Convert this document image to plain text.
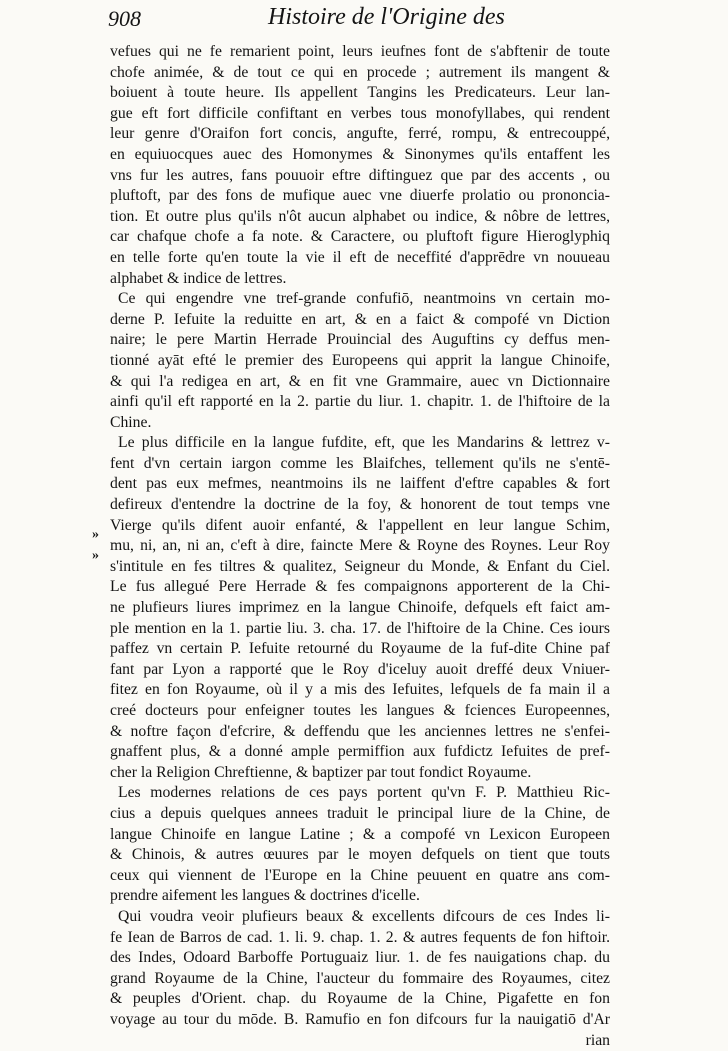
908	Histoire de l'Origine des
»
»
vefues qui ne fe remarient point, leurs ieufnes font de s'abftenir de toute
chofe animée, & de tout ce qui en procede ; autrement ils mangent &
boiuent à toute heure. Ils appellent Tangins les Predicateurs. Leur lan-
gue eft fort difficile confiftant en verbes tous monofyllabes, qui rendent
leur genre d'Oraifon fort concis, angufte, ferré, rompu, & entrecouppé,
en equiuocques auec des Homonymes & Sinonymes qu'ils entaffent les
vns fur les autres, fans pouuoir eftre diftinguez que par des accents , ou
pluftoft, par des fons de mufique auec vne diuerfe prolatio ou prononcia-
tion. Et outre plus qu'ils n'ôt aucun alphabet ou indice, & nôbre de lettres,
car chafque chofe a fa note. & Caractere, ou pluftoft figure Hieroglyphiq
en telle forte qu'en toute la vie il eft de neceffité d'apprēdre vn nouueau
alphabet & indice de lettres.
Ce qui engendre vne tref-grande confufiō, neantmoins vn certain mo-
derne P. Iefuite la reduitte en art, & en a faict & compofé vn Diction
naire; le pere Martin Herrade Prouincial des Auguftins cy deffus men-
tionné ayāt efté le premier des Europeens qui apprit la langue Chinoife,
& qui l'a redigea en art, & en fit vne Grammaire, auec vn Dictionnaire
ainfi qu'il eft rapporté en la 2. partie du liur. 1. chapitr. 1. de l'hiftoire de la
Chine.
Le plus difficile en la langue fufdite, eft, que les Mandarins & lettrez v-
fent d'vn certain iargon comme les Blaifches, tellement qu'ils ne s'entē-
dent pas eux mefmes, neantmoins ils ne laiffent d'eftre capables & fort
defireux d'entendre la doctrine de la foy, & honorent de tout temps vne
Vierge qu'ils difent auoir enfanté, & l'appellent en leur langue Schim,
mu, ni, an, ni an, c'eft à dire, faincte Mere & Royne des Roynes. Leur Roy
s'intitule en fes tiltres & qualitez, Seigneur du Monde, & Enfant du Ciel.
Le fus allegué Pere Herrade & fes compaignons apporterent de la Chi-
ne plufieurs liures imprimez en la langue Chinoife, defquels eft faict am-
ple mention en la 1. partie liu. 3. cha. 17. de l'hiftoire de la Chine. Ces iours
paffez vn certain P. Iefuite retourné du Royaume de la fuf-dite Chine paf
fant par Lyon a rapporté que le Roy d'iceluy auoit dreffé deux Vniuer-
fitez en fon Royaume, où il y a mis des Iefuites, lefquels de fa main il a
creé docteurs pour enfeigner toutes les langues & fciences Europeennes,
& noftre façon d'efcrire, & deffendu que les anciennes lettres ne s'enfei-
gnaffent plus, & a donné ample permiffion aux fufdictz Iefuites de pref-
cher la Religion Chreftienne, & baptizer par tout fondict Royaume.
Les modernes relations de ces pays portent qu'vn F. P. Matthieu Ric-
cius a depuis quelques annees traduit le principal liure de la Chine, de
langue Chinoife en langue Latine ; & a compofé vn Lexicon Europeen
& Chinois, & autres œuures par le moyen defquels on tient que touts
ceux qui viennent de l'Europe en la Chine peuuent en quatre ans com-
prendre aifement les langues & doctrines d'icelle.
Qui voudra veoir plufieurs beaux & excellents difcours de ces Indes li-
fe Iean de Barros de cad. 1. li. 9. chap. 1. 2. & autres fequents de fon hiftoir.
des Indes, Odoard Barboffe Portuguaiz liur. 1. de fes nauigations chap. du
grand Royaume de la Chine, l'aucteur du fommaire des Royaumes, citez
& peuples d'Orient. chap. du Royaume de la Chine, Pigafette en fon
voyage au tour du mōde. B. Ramufio en fon difcours fur la nauigatiō d'Ar
rian
